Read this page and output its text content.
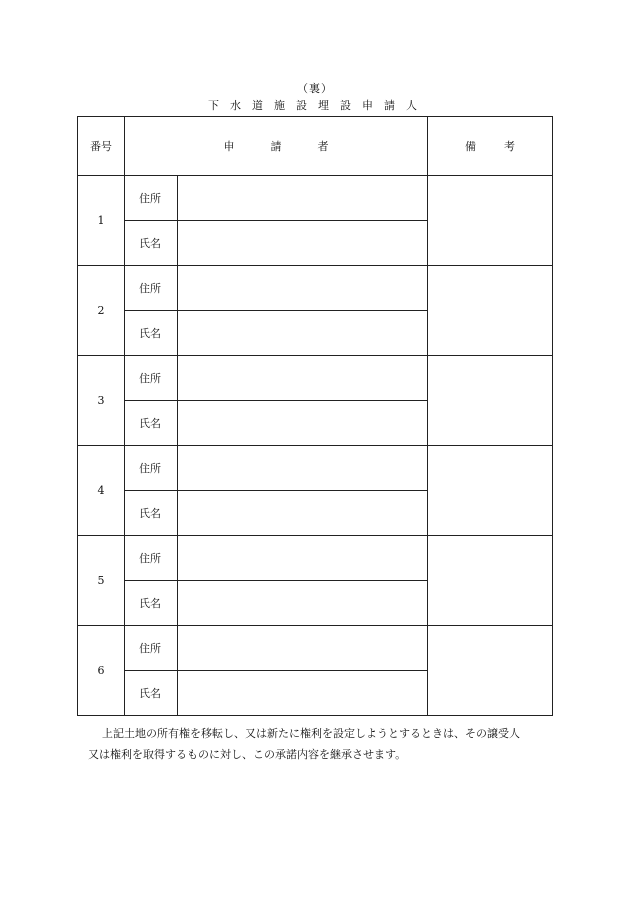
（裏）
下水道施設埋設申請人
番号	申請者		備考
1	住所		
	氏名		
2	住所		
	氏名		
3	住所		
	氏名		
4	住所		
	氏名		
5	住所		
	氏名		
6	住所		
	氏名		
上記土地の所有権を移転し、又は新たに権利を設定しようとするときは、その譲受人
又は権利を取得するものに対し、この承諾内容を継承させます。
